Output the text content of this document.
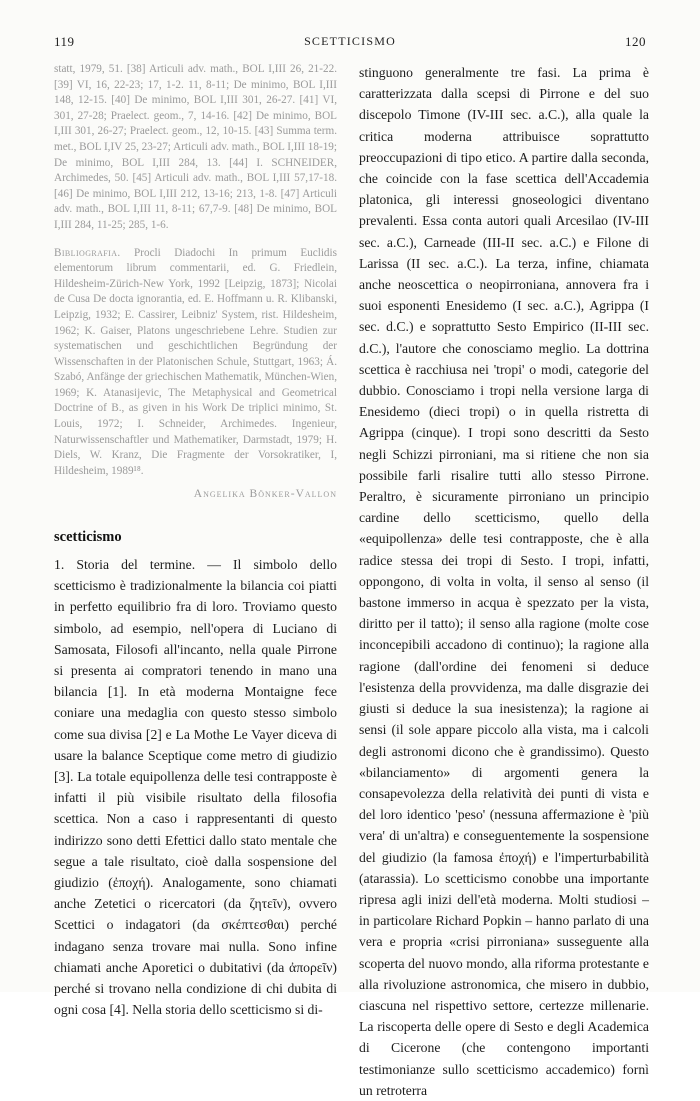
119	SCETTICISMO	120

statt, 1979, 51. [38] Articuli adv. math., BOL I,III 26, 21-22. [39] VI, 16, 22-23; 17, 1-2. 11, 8-11; De minimo, BOL I,III 148, 12-15. [40] De minimo, BOL I,III 301, 26-27. [41] VI, 301, 27-28; Praelect. geom., 7, 14-16. [42] De minimo, BOL I,III 301, 26-27; Praelect. geom., 12, 10-15. [43] Summa term. met., BOL I,IV 25, 23-27; Articuli adv. math., BOL I,III 18-19; De minimo, BOL I,III 284, 13. [44] I. SCHNEIDER, Archimedes, 50. [45] Articuli adv. math., BOL I,III 57,17-18. [46] De minimo, BOL I,III 212, 13-16; 213, 1-8. [47] Articuli adv. math., BOL I,III 11, 8-11; 67,7-9. [48] De minimo, BOL I,III 284, 11-25; 285, 1-6.

Bibliografia. Procli Diadochi In primum Euclidis elementorum librum commentarii, ed. G. Friedlein, Hildesheim-Zürich-New York, 1992 [Leipzig, 1873]; Nicolai de Cusa De docta ignorantia, ed. E. Hoffmann u. R. Klibanski, Leipzig, 1932; E. Cassirer, Leibniz' System, rist. Hildesheim, 1962; K. Gaiser, Platons ungeschriebene Lehre. Studien zur systematischen und geschichtlichen Begründung der Wissenschaften in der Platonischen Schule, Stuttgart, 1963; Á. Szabó, Anfänge der griechischen Mathematik, München-Wien, 1969; K. Atanasijevic, The Metaphysical and Geometrical Doctrine of B., as given in his Work De triplici minimo, St. Louis, 1972; I. Schneider, Archimedes. Ingenieur, Naturwissenschaftler und Mathematiker, Darmstadt, 1979; H. Diels, W. Kranz, Die Fragmente der Vorsokratiker, I, Hildesheim, 1989¹⁸.

Angelika Bönker-Vallon
scetticismo

1. Storia del termine. — Il simbolo dello scetticismo è tradizionalmente la bilancia coi piatti in perfetto equilibrio fra di loro. Troviamo questo simbolo, ad esempio, nell'opera di Luciano di Samosata, Filosofi all'incanto, nella quale Pirrone si presenta ai compratori tenendo in mano una bilancia [1]. In età moderna Montaigne fece coniare una medaglia con questo stesso simbolo come sua divisa [2] e La Mothe Le Vayer diceva di usare la balance Sceptique come metro di giudizio [3]. La totale equipollenza delle tesi contrapposte è infatti il più visibile risultato della filosofia scettica. Non a caso i rappresentanti di questo indirizzo sono detti Efettici dallo stato mentale che segue a tale risultato, cioè dalla sospensione del giudizio (ἐποχή). Analogamente, sono chiamati anche Zetetici o ricercatori (da ζητεῖν), ovvero Scettici o indagatori (da σκέπτεσθαι) perché indagano senza trovare mai nulla. Sono infine chiamati anche Aporetici o dubitativi (da ἀπορεῖν) perché si trovano nella condizione di chi dubita di ogni cosa [4]. Nella storia dello scetticismo si di-

stinguono generalmente tre fasi. La prima è caratterizzata dalla scepsi di Pirrone e del suo discepolo Timone (IV-III sec. a.C.), alla quale la critica moderna attribuisce soprattutto preoccupazioni di tipo etico. A partire dalla seconda, che coincide con la fase scettica dell'Accademia platonica, gli interessi gnoseologici diventano prevalenti. Essa conta autori quali Arcesilao (IV-III sec. a.C.), Carneade (III-II sec. a.C.) e Filone di Larissa (II sec. a.C.). La terza, infine, chiamata anche neoscettica o neopirroniana, annovera fra i suoi esponenti Enesidemo (I sec. a.C.), Agrippa (I sec. d.C.) e soprattutto Sesto Empirico (II-III sec. d.C.), l'autore che conosciamo meglio. La dottrina scettica è racchiusa nei 'tropi' o modi, categorie del dubbio. Conosciamo i tropi nella versione larga di Enesidemo (dieci tropi) o in quella ristretta di Agrippa (cinque). I tropi sono descritti da Sesto negli Schizzi pirroniani, ma si ritiene che non sia possibile farli risalire tutti allo stesso Pirrone. Peraltro, è sicuramente pirroniano un principio cardine dello scetticismo, quello della «equipollenza» delle tesi contrapposte, che è alla radice stessa dei tropi di Sesto. I tropi, infatti, oppongono, di volta in volta, il senso al senso (il bastone immerso in acqua è spezzato per la vista, diritto per il tatto); il senso alla ragione (molte cose inconcepibili accadono di continuo); la ragione alla ragione (dall'ordine dei fenomeni si deduce l'esistenza della provvidenza, ma dalle disgrazie dei giusti si deduce la sua inesistenza); la ragione ai sensi (il sole appare piccolo alla vista, ma i calcoli degli astronomi dicono che è grandissimo). Questo «bilanciamento» di argomenti genera la consapevolezza della relatività dei punti di vista e del loro identico 'peso' (nessuna affermazione è 'più vera' di un'altra) e conseguentemente la sospensione del giudizio (la famosa ἐποχή) e l'imperturbabilità (atarassia). Lo scetticismo conobbe una importante ripresa agli inizi dell'età moderna. Molti studiosi – in particolare Richard Popkin – hanno parlato di una vera e propria «crisi pirroniana» susseguente alla scoperta del nuovo mondo, alla riforma protestante e alla rivoluzione astronomica, che misero in dubbio, ciascuna nel rispettivo settore, certezze millenarie. La riscoperta delle opere di Sesto e degli Academica di Cicerone (che contengono importanti testimonianze sullo scetticismo accademico) fornì un retroterra
